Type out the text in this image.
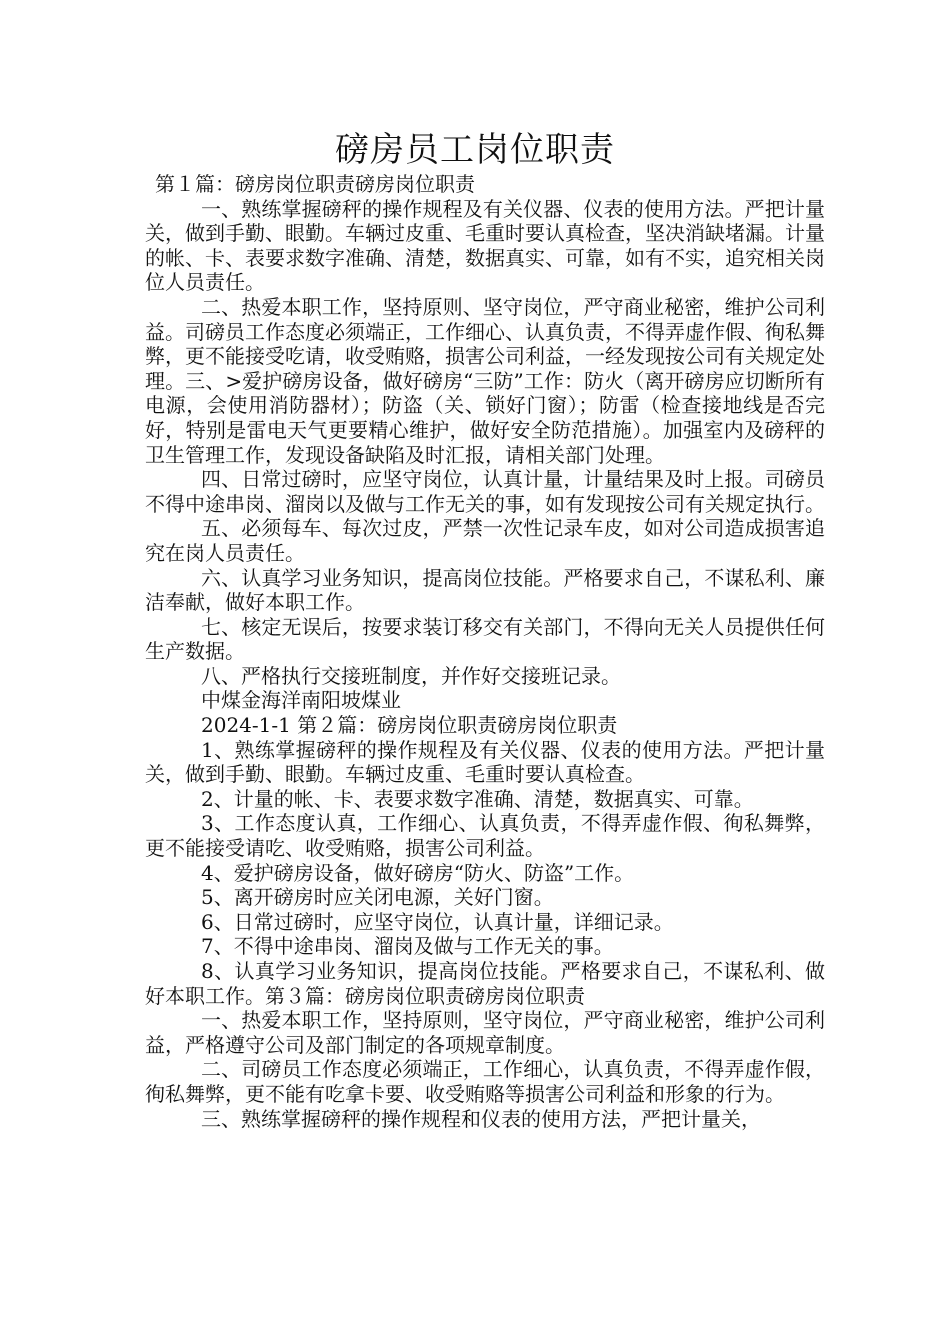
磅房员工岗位职责

第１篇：磅房岗位职责磅房岗位职责

一、熟练掌握磅秤的操作规程及有关仪器、仪表的使用方法。严把计量关，做到手勤、眼勤。车辆过皮重、毛重时要认真检查，坚决消缺堵漏。计量的帐、卡、表要求数字准确、清楚，数据真实、可靠，如有不实，追究相关岗位人员责任。

二、热爱本职工作，坚持原则、坚守岗位，严守商业秘密，维护公司利益。司磅员工作态度必须端正，工作细心、认真负责，不得弄虚作假、徇私舞弊，更不能接受吃请，收受贿赂，损害公司利益，一经发现按公司有关规定处理。三、>爱护磅房设备，做好磅房“三防”工作：防火（离开磅房应切断所有电源，会使用消防器材）；防盗（关、锁好门窗）；防雷（检查接地线是否完好，特别是雷电天气更要精心维护，做好安全防范措施）。加强室内及磅秤的卫生管理工作，发现设备缺陷及时汇报，请相关部门处理。

四、日常过磅时，应坚守岗位，认真计量，计量结果及时上报。司磅员不得中途串岗、溜岗以及做与工作无关的事，如有发现按公司有关规定执行。

五、必须每车、每次过皮，严禁一次性记录车皮，如对公司造成损害追究在岗人员责任。

六、认真学习业务知识，提高岗位技能。严格要求自己，不谋私利、廉洁奉献，做好本职工作。

七、核定无误后，按要求装订移交有关部门，不得向无关人员提供任何生产数据。

八、严格执行交接班制度，并作好交接班记录。

中煤金海洋南阳坡煤业

2024-1-1 第２篇：磅房岗位职责磅房岗位职责

1、熟练掌握磅秤的操作规程及有关仪器、仪表的使用方法。严把计量关，做到手勤、眼勤。车辆过皮重、毛重时要认真检查。

2、计量的帐、卡、表要求数字准确、清楚，数据真实、可靠。

3、工作态度认真，工作细心、认真负责，不得弄虚作假、徇私舞弊，更不能接受请吃、收受贿赂，损害公司利益。

4、爱护磅房设备，做好磅房“防火、防盗”工作。

5、离开磅房时应关闭电源，关好门窗。

6、日常过磅时，应坚守岗位，认真计量，详细记录。

7、不得中途串岗、溜岗及做与工作无关的事。

8、认真学习业务知识，提高岗位技能。严格要求自己，不谋私利、做好本职工作。第３篇：磅房岗位职责磅房岗位职责

一、热爱本职工作，坚持原则，坚守岗位，严守商业秘密，维护公司利益，严格遵守公司及部门制定的各项规章制度。

二、司磅员工作态度必须端正，工作细心，认真负责，不得弄虚作假，徇私舞弊，更不能有吃拿卡要、收受贿赂等损害公司利益和形象的行为。

三、熟练掌握磅秤的操作规程和仪表的使用方法，严把计量关，
